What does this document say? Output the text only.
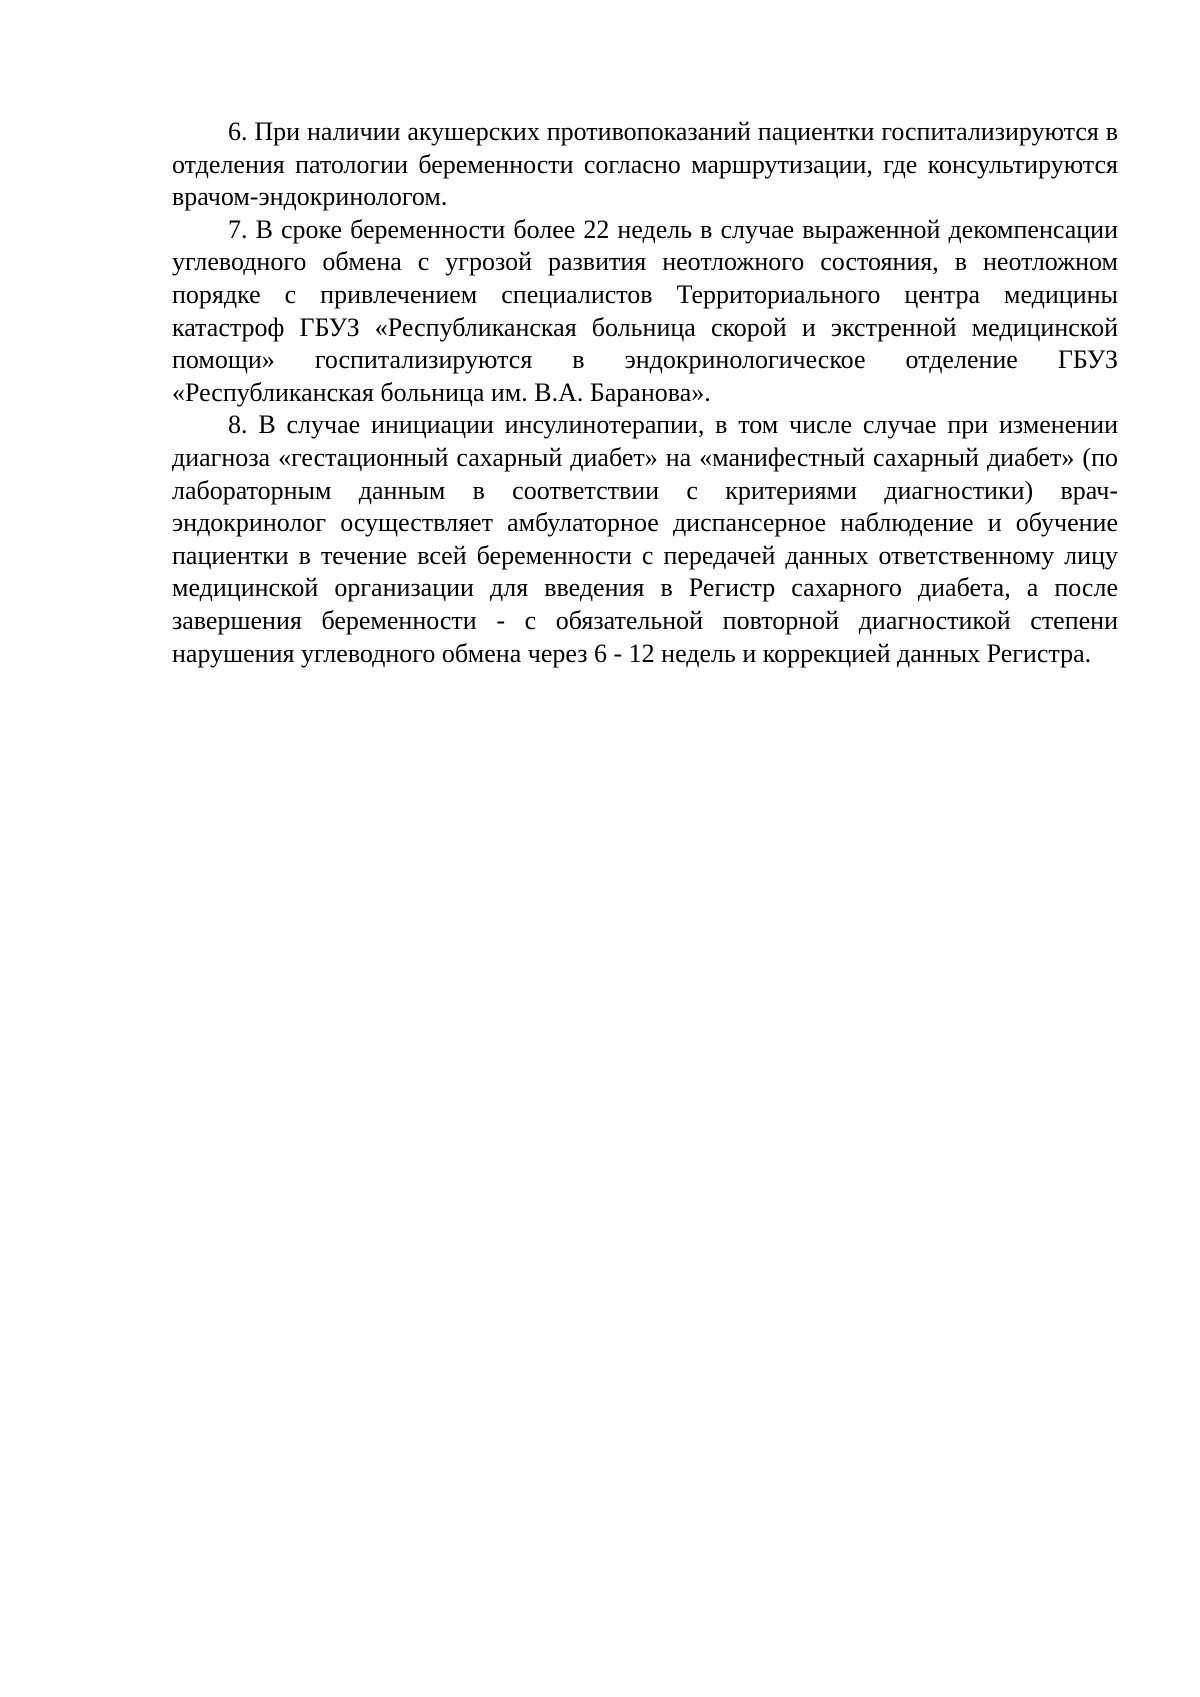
6. При наличии акушерских противопоказаний пациентки госпитализируются в отделения патологии беременности согласно маршрутизации, где консультируются врачом-эндокринологом.

7. В сроке беременности более 22 недель в случае выраженной декомпенсации углеводного обмена с угрозой развития неотложного состояния, в неотложном порядке с привлечением специалистов Территориального центра медицины катастроф ГБУЗ «Республиканская больница скорой и экстренной медицинской помощи» госпитализируются в эндокринологическое отделение ГБУЗ «Республиканская больница им. В.А. Баранова».

8. В случае инициации инсулинотерапии, в том числе случае при изменении диагноза «гестационный сахарный диабет» на «манифестный сахарный диабет» (по лабораторным данным в соответствии с критериями диагностики) врач-эндокринолог осуществляет амбулаторное диспансерное наблюдение и обучение пациентки в течение всей беременности с передачей данных ответственному лицу медицинской организации для введения в Регистр сахарного диабета, а после завершения беременности - с обязательной повторной диагностикой степени нарушения углеводного обмена через 6 - 12 недель и коррекцией данных Регистра.
